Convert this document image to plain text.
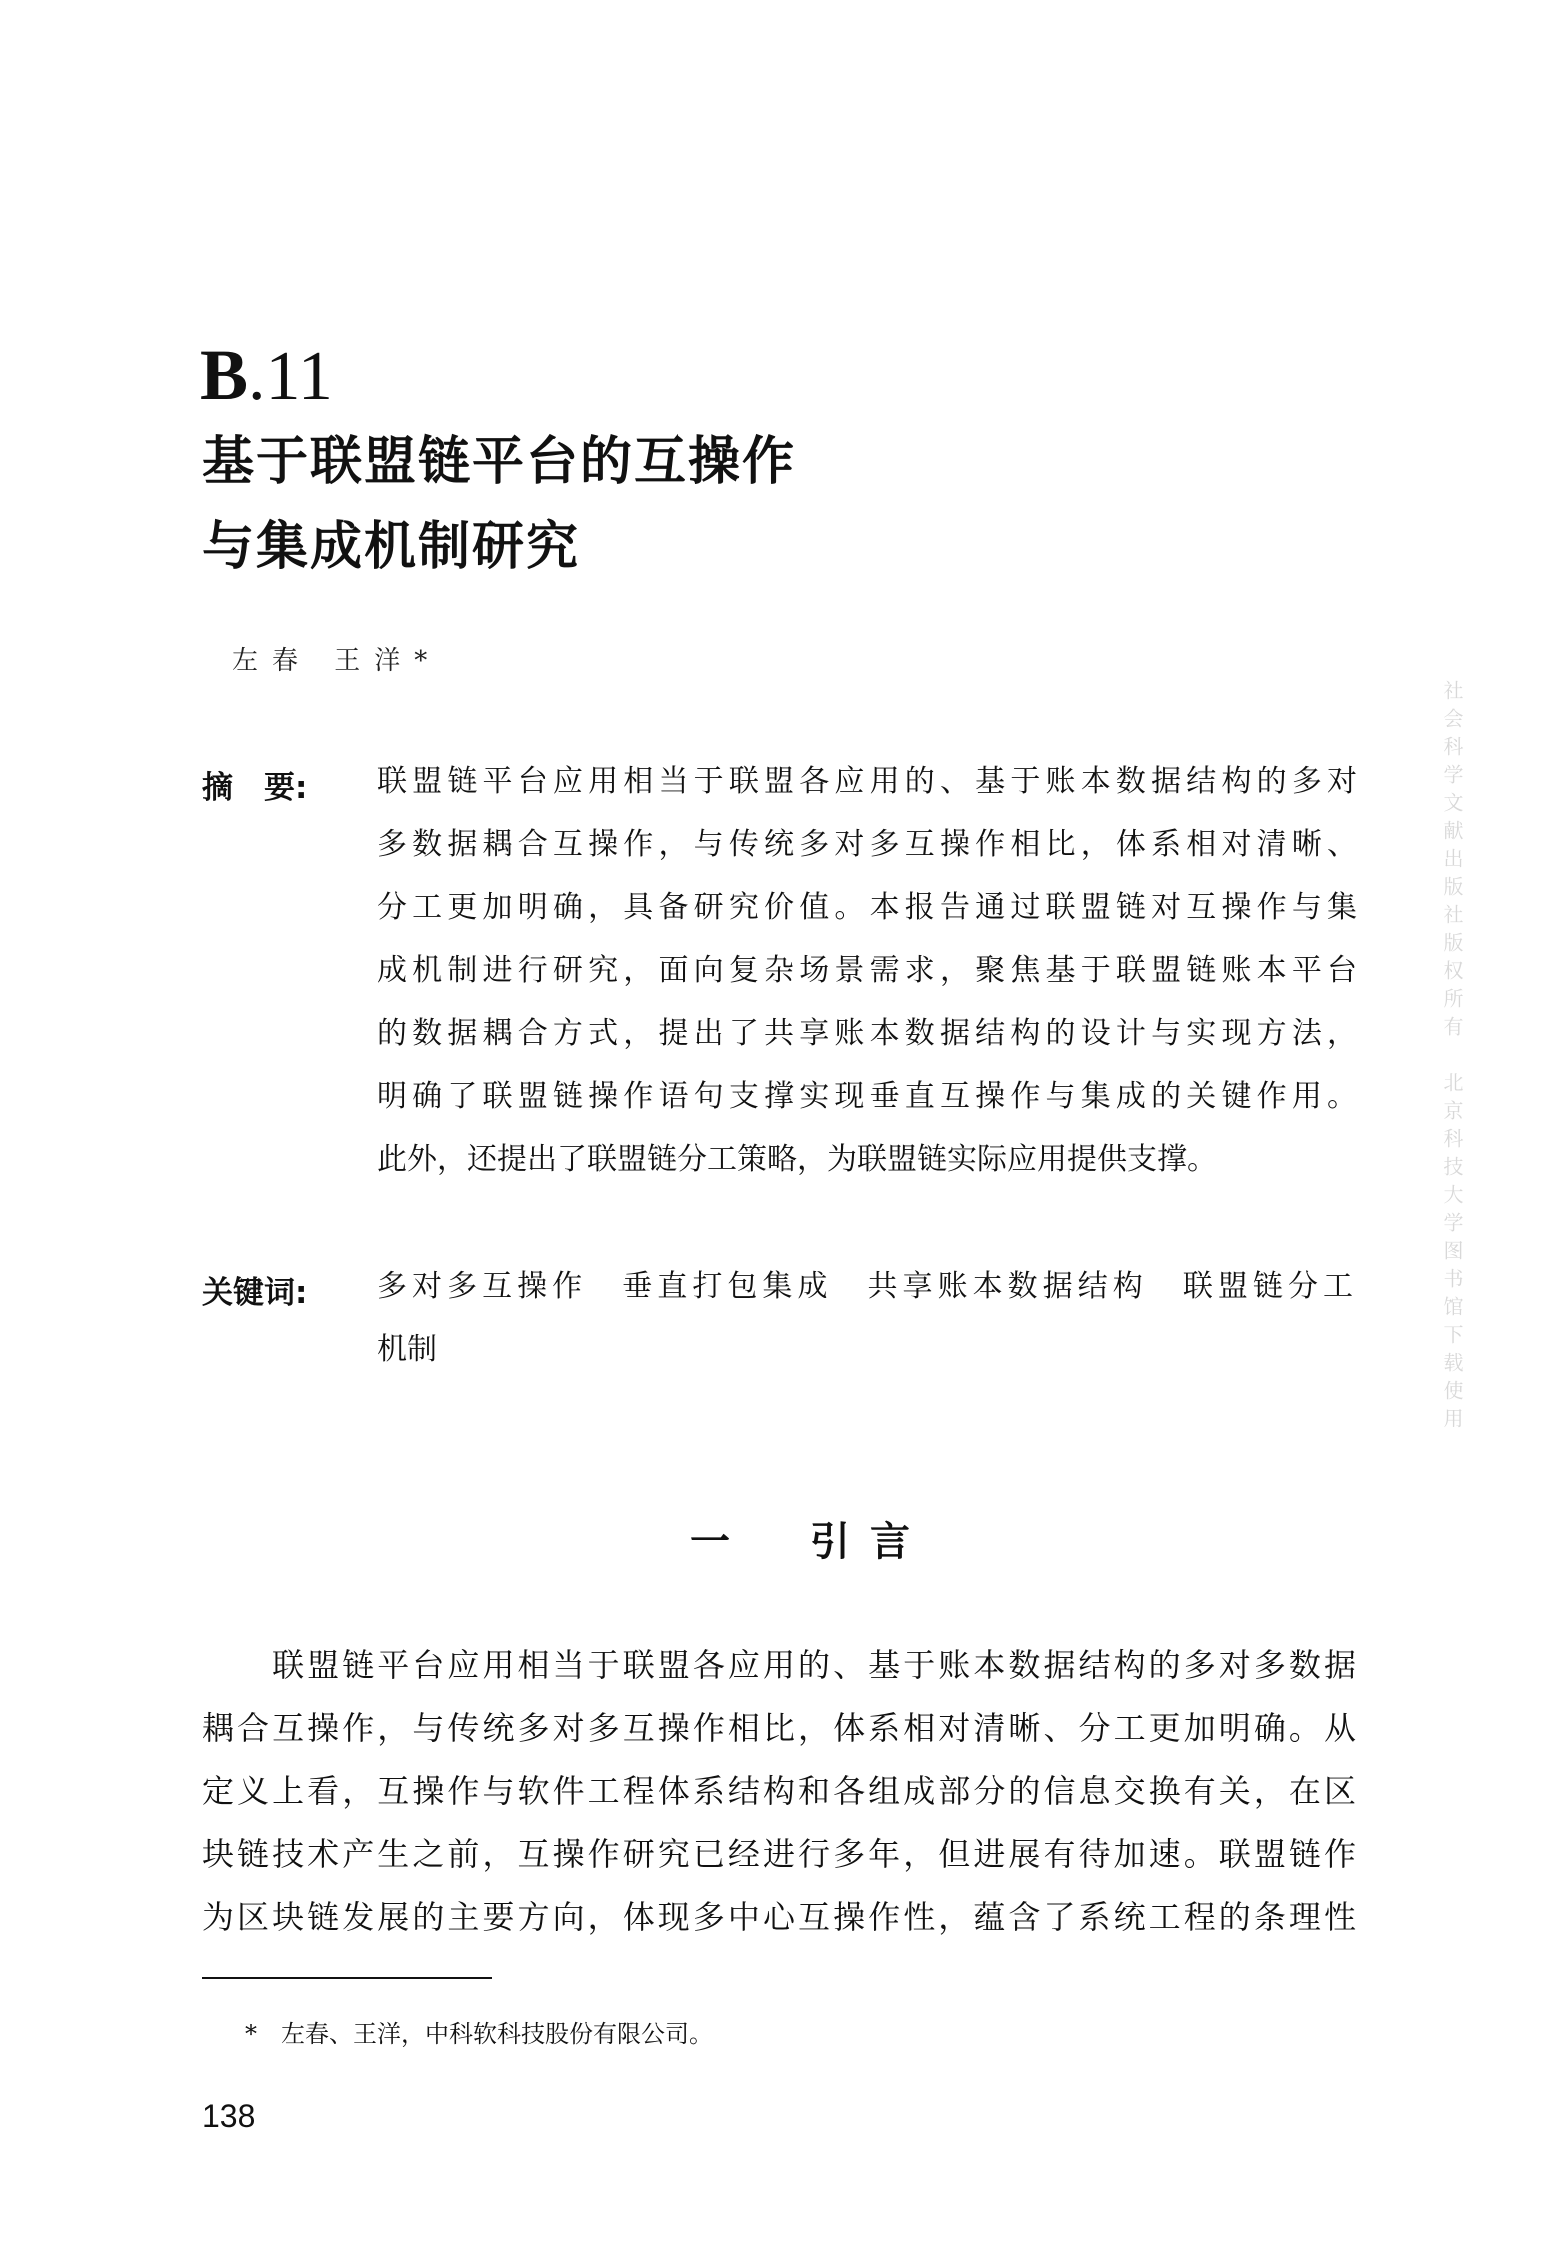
社会科学文献出版社版权所有　北京科技大学图书馆下载使用
B.11
基于联盟链平台的互操作
与集成机制研究
左春 王洋*
摘　要: 联盟链平台应用相当于联盟各应用的、基于账本数据结构的多对
多数据耦合互操作，与传统多对多互操作相比，体系相对清晰、
分工更加明确，具备研究价值。本报告通过联盟链对互操作与集
成机制进行研究，面向复杂场景需求，聚焦基于联盟链账本平台
的数据耦合方式，提出了共享账本数据结构的设计与实现方法，
明确了联盟链操作语句支撑实现垂直互操作与集成的关键作用。
此外，还提出了联盟链分工策略，为联盟链实际应用提供支撑。
关键词: 多对多互操作　垂直打包集成　共享账本数据结构　联盟链分工
机制
一　 引言
　　联盟链平台应用相当于联盟各应用的、基于账本数据结构的多对多数据
耦合互操作，与传统多对多互操作相比，体系相对清晰、分工更加明确。从
定义上看，互操作与软件工程体系结构和各组成部分的信息交换有关，在区
块链技术产生之前，互操作研究已经进行多年，但进展有待加速。联盟链作
为区块链发展的主要方向，体现多中心互操作性，蕴含了系统工程的条理性
*　左春、王洋，中科软科技股份有限公司。
138
